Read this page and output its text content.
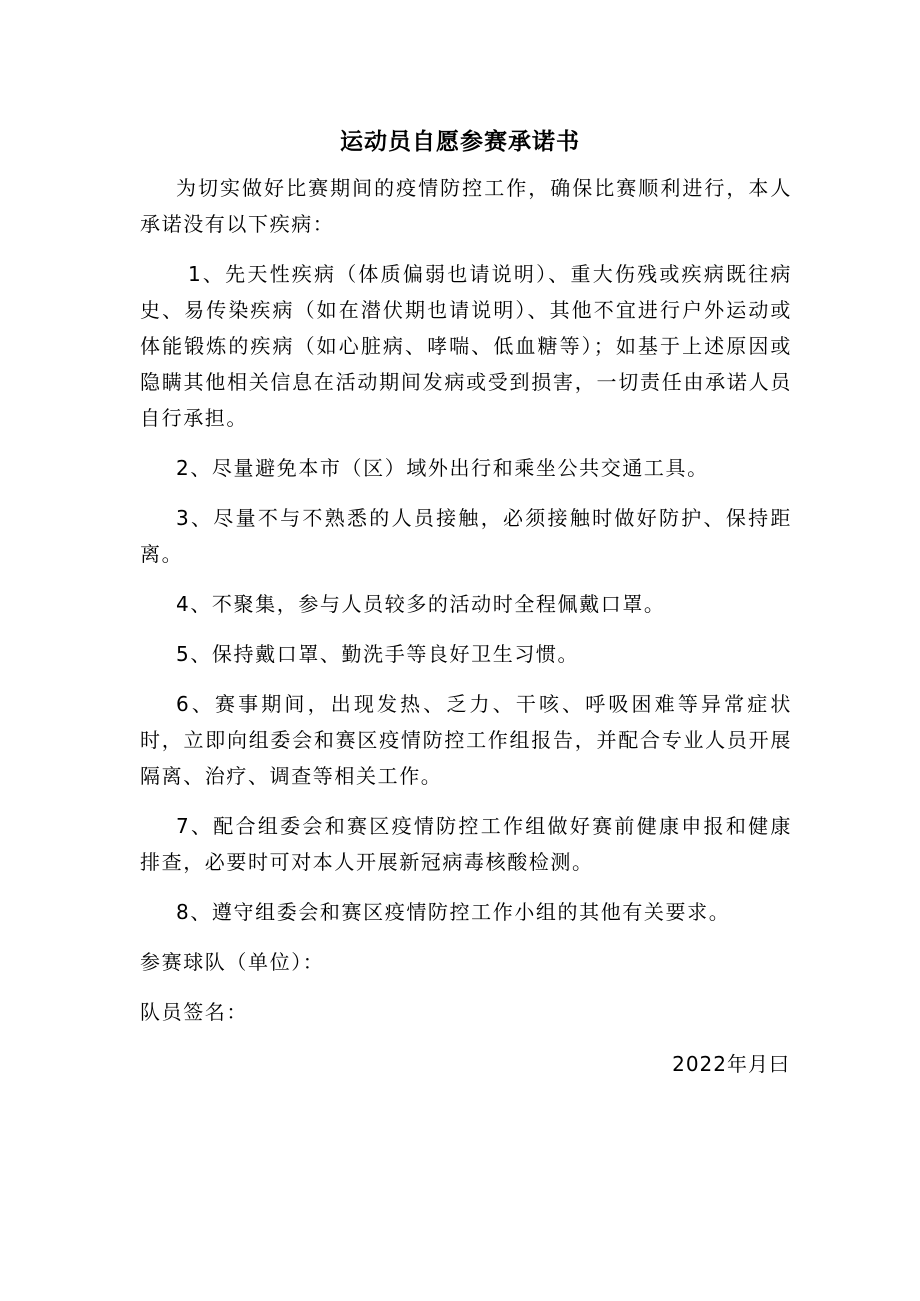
运动员自愿参赛承诺书

为切实做好比赛期间的疫情防控工作，确保比赛顺利进行，本人承诺没有以下疾病：

1、先天性疾病（体质偏弱也请说明）、重大伤残或疾病既往病史、易传染疾病（如在潜伏期也请说明）、其他不宜进行户外运动或体能锻炼的疾病（如心脏病、哮喘、低血糖等）；如基于上述原因或隐瞒其他相关信息在活动期间发病或受到损害，一切责任由承诺人员自行承担。

2、尽量避免本市（区）域外出行和乘坐公共交通工具。

3、尽量不与不熟悉的人员接触，必须接触时做好防护、保持距离。

4、不聚集，参与人员较多的活动时全程佩戴口罩。

5、保持戴口罩、勤洗手等良好卫生习惯。

6、赛事期间，出现发热、乏力、干咳、呼吸困难等异常症状时，立即向组委会和赛区疫情防控工作组报告，并配合专业人员开展隔离、治疗、调查等相关工作。

7、配合组委会和赛区疫情防控工作组做好赛前健康申报和健康排查，必要时可对本人开展新冠病毒核酸检测。

8、遵守组委会和赛区疫情防控工作小组的其他有关要求。

参赛球队（单位）：

队员签名：

2022年月曰
